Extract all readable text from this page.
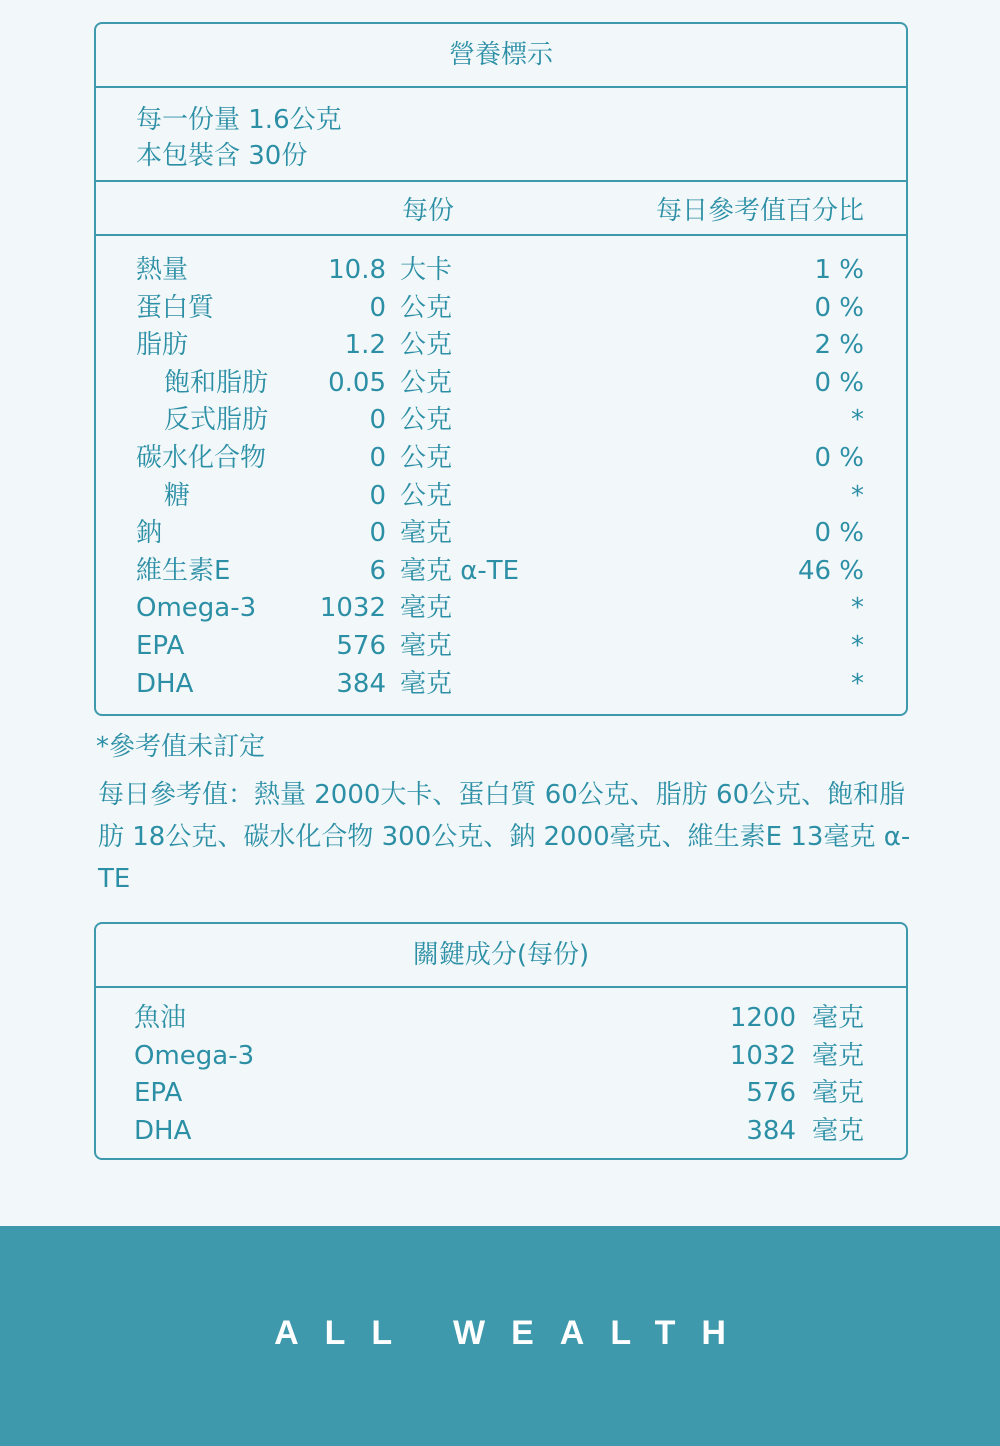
營養標示
每一份量 1.6公克
本包裝含 30份
每份	每日參考值百分比
熱量	10.8 大卡	1 %
蛋白質	0 公克	0 %
脂肪	1.2 公克	2 %
飽和脂肪 0.05 公克	0 %
反式脂肪	0 公克	*
碳水化合物	0 公克	0 %
糖	0 公克	*
鈉	0 毫克	0 %
維生素E	6 毫克 α-TE	46 %
Omega-3 1032 毫克	*
EPA	576 毫克	*
DHA	384 毫克	*
*參考值未訂定
每日參考值：熱量 2000大卡、蛋白質 60公克、脂肪 60公克、飽和脂肪 18公克、碳水化合物 300公克、鈉 2000毫克、維生素E 13毫克 α-TE
關鍵成分(每份)
魚油	1200 毫克
Omega-3	1032 毫克
EPA	576 毫克
DHA	384 毫克
ALL WEALTH
